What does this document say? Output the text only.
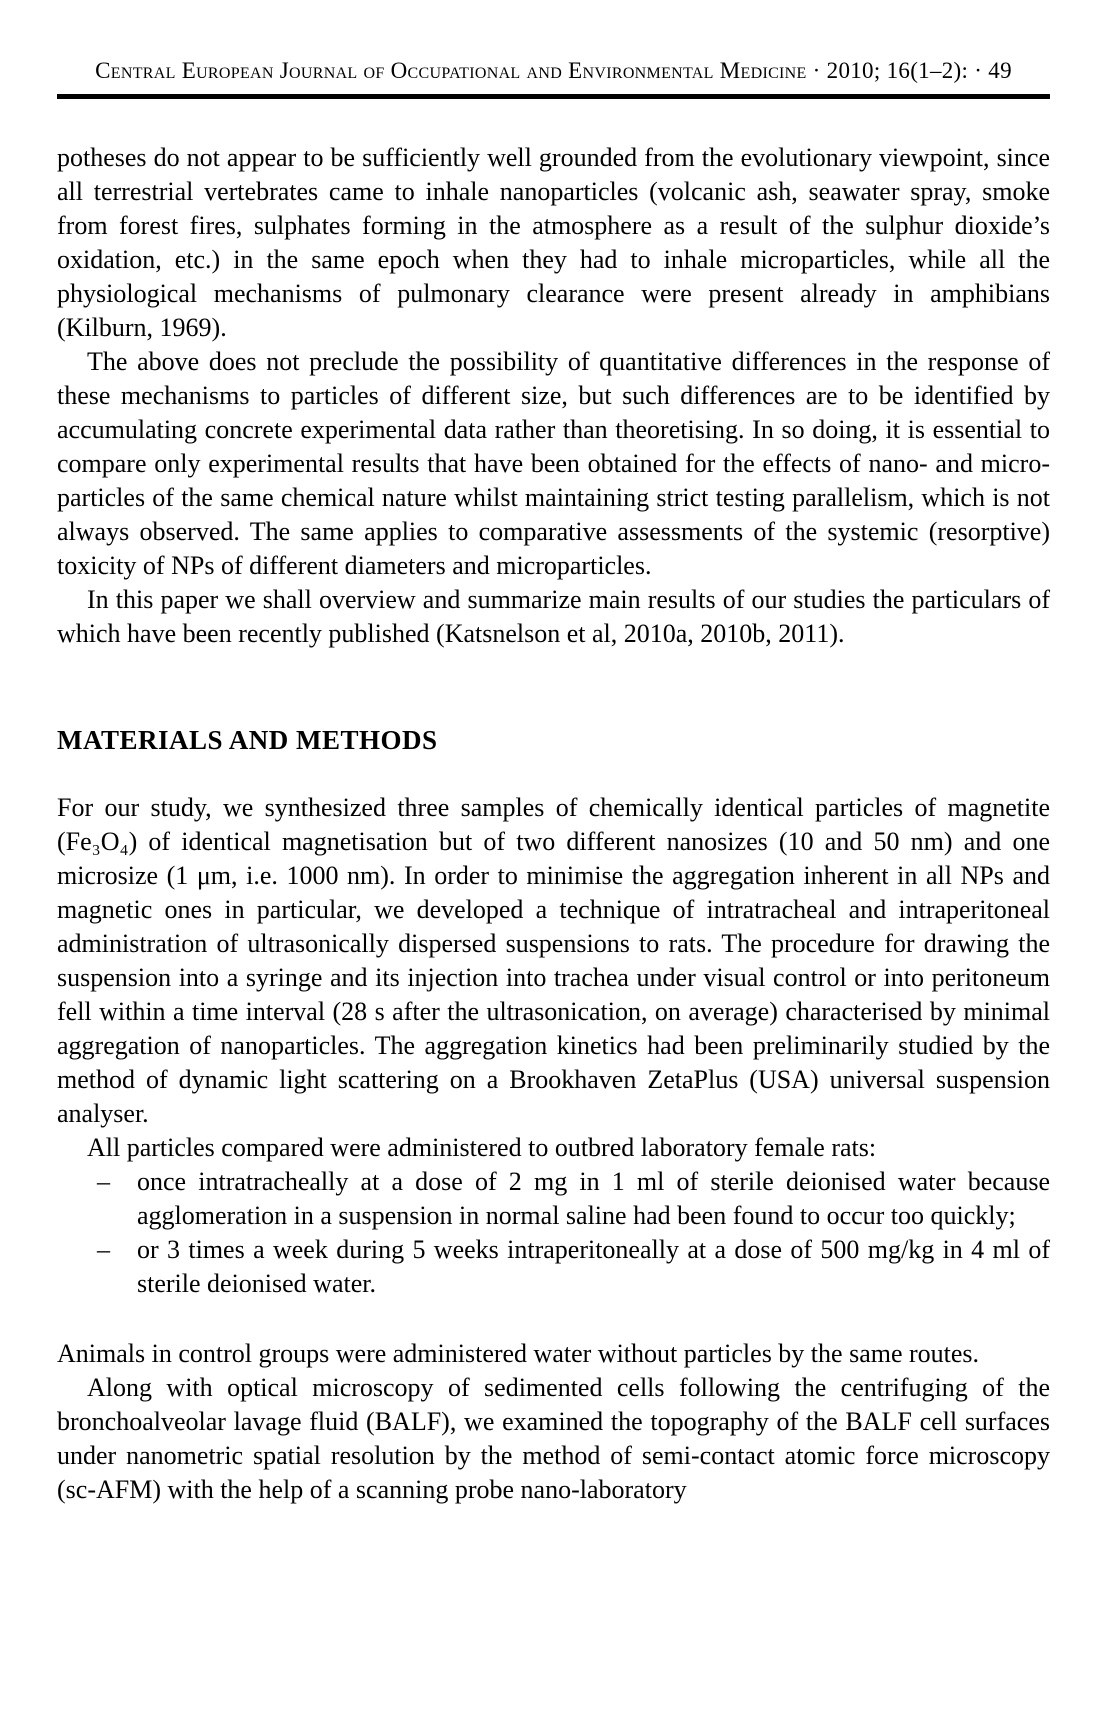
Central European Journal of Occupational and Environmental Medicine · 2010; 16(1–2): · 49

potheses do not appear to be sufficiently well grounded from the evolutionary viewpoint, since all terrestrial vertebrates came to inhale nanoparticles (volcanic ash, seawater spray, smoke from forest fires, sulphates forming in the atmosphere as a result of the sulphur dioxide’s oxidation, etc.) in the same epoch when they had to inhale microparticles, while all the physiological mechanisms of pulmonary clearance were present already in amphibians (Kilburn, 1969).

The above does not preclude the possibility of quantitative differences in the response of these mechanisms to particles of different size, but such differences are to be identified by accumulating concrete experimental data rather than theoretising. In so doing, it is essential to compare only experimental results that have been obtained for the effects of nano- and micro-particles of the same chemical nature whilst maintaining strict testing parallelism, which is not always observed. The same applies to comparative assessments of the systemic (resorptive) toxicity of NPs of different diameters and microparticles.

In this paper we shall overview and summarize main results of our studies the particulars of which have been recently published (Katsnelson et al, 2010a, 2010b, 2011).

MATERIALS AND METHODS

For our study, we synthesized three samples of chemically identical particles of magnetite (Fe₃O₄) of identical magnetisation but of two different nanosizes (10 and 50 nm) and one microsize (1 μm, i.e. 1000 nm). In order to minimise the aggregation inherent in all NPs and magnetic ones in particular, we developed a technique of intratracheal and intraperitoneal administration of ultrasonically dispersed suspensions to rats. The procedure for drawing the suspension into a syringe and its injection into trachea under visual control or into peritoneum fell within a time interval (28 s after the ultrasonication, on average) characterised by minimal aggregation of nanoparticles. The aggregation kinetics had been preliminarily studied by the method of dynamic light scattering on a Brookhaven ZetaPlus (USA) universal suspension analyser.

All particles compared were administered to outbred laboratory female rats:

– once intratracheally at a dose of 2 mg in 1 ml of sterile deionised water because agglomeration in a suspension in normal saline had been found to occur too quickly;
– or 3 times a week during 5 weeks intraperitoneally at a dose of 500 mg/kg in 4 ml of sterile deionised water.

Animals in control groups were administered water without particles by the same routes.

Along with optical microscopy of sedimented cells following the centrifuging of the bronchoalveolar lavage fluid (BALF), we examined the topography of the BALF cell surfaces under nanometric spatial resolution by the method of semi-contact atomic force microscopy (sc-AFM) with the help of a scanning probe nano-laboratory
